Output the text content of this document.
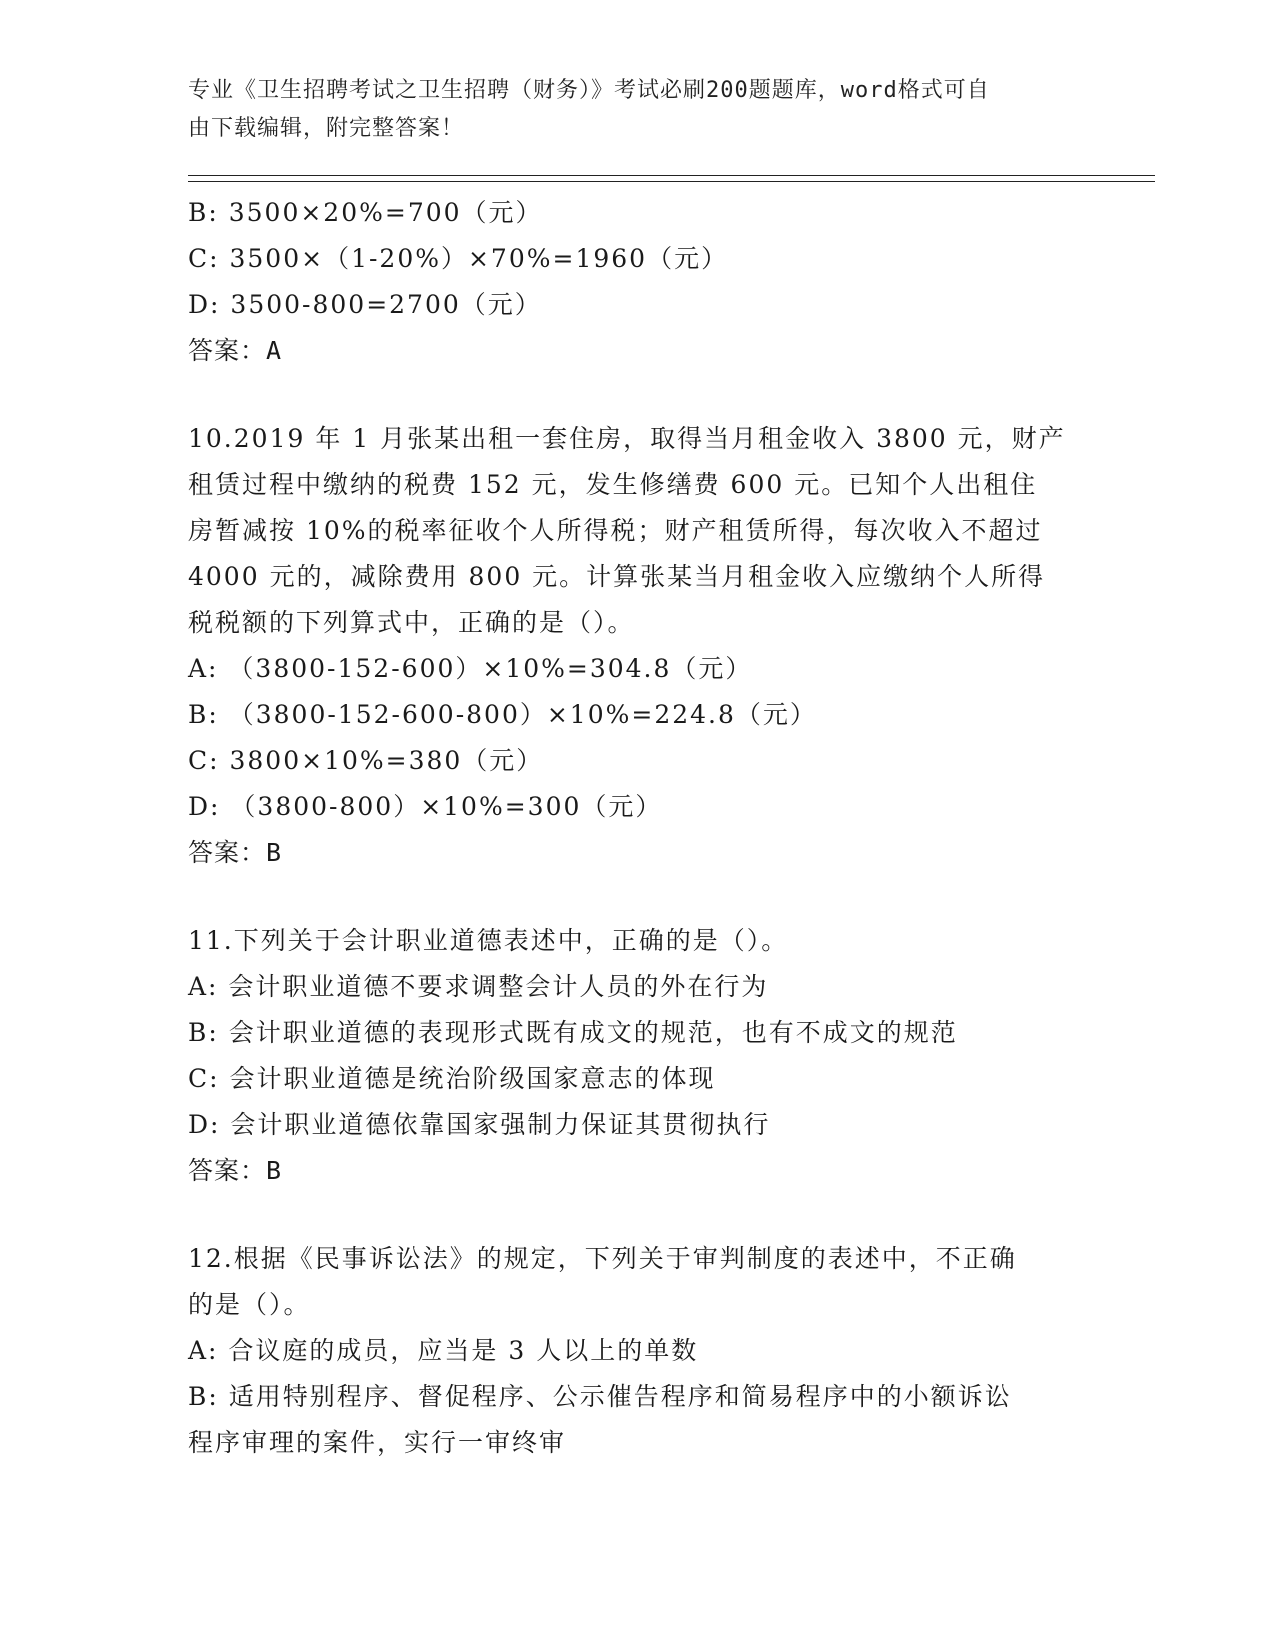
专业《卫生招聘考试之卫生招聘（财务）》考试必刷200题题库，word格式可自
由下载编辑，附完整答案！
B: 3500×20%=700（元）
C: 3500×（1-20%）×70%=1960（元）
D: 3500-800=2700（元）
答案：A
10.2019 年 1 月张某出租一套住房，取得当月租金收入 3800 元，财产
租赁过程中缴纳的税费 152 元，发生修缮费 600 元。已知个人出租住
房暂减按 10%的税率征收个人所得税；财产租赁所得，每次收入不超过
4000 元的，减除费用 800 元。计算张某当月租金收入应缴纳个人所得
税税额的下列算式中，正确的是（）。
A: （3800-152-600）×10%=304.8（元）
B: （3800-152-600-800）×10%=224.8（元）
C: 3800×10%=380（元）
D: （3800-800）×10%=300（元）
答案：B
11.下列关于会计职业道德表述中，正确的是（）。
A: 会计职业道德不要求调整会计人员的外在行为
B: 会计职业道德的表现形式既有成文的规范，也有不成文的规范
C: 会计职业道德是统治阶级国家意志的体现
D: 会计职业道德依靠国家强制力保证其贯彻执行
答案：B
12.根据《民事诉讼法》的规定，下列关于审判制度的表述中，不正确
的是（）。
A: 合议庭的成员，应当是 3 人以上的单数
B: 适用特别程序、督促程序、公示催告程序和简易程序中的小额诉讼
程序审理的案件，实行一审终审
